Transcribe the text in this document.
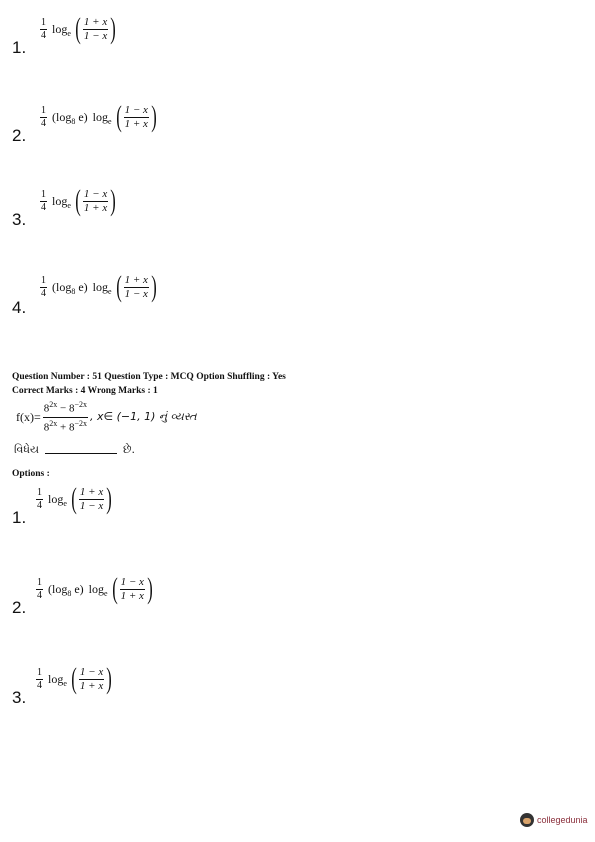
1.
$\frac{1}{4} \log_e$ ( $\frac{1 + x}{1 - x}$ )
2.
$\frac{1}{4} (\log_8$ e)
$\log_e$ ( $\frac{1 - x}{1 + x}$ )
3.
$\frac{1}{4} \log_e$ ( $\frac{1 - x}{1 + x}$ )
4.
$\frac{1}{4} (\log_8$ e)
$\log_e$ ( $\frac{1 + x}{1 - x}$ )
Question Number : 51 Question Type : MCQ Option Shuffling : Yes
Correct Marks : 4 Wrong Marks : 1
$f(x)= \frac{8^{2x} - 8^{-2x}}{8^{2x} + 8^{-2x}}$ , x∈ (−1, 1) નું વ્યસ્ત
વિધેય	છે.
Options :
1.
$\frac{1}{4} \log_e$ ( $\frac{1 + x}{1 - x}$ )
2.
$\frac{1}{4} (\log_8$ e)
$\log_e$ ( $\frac{1 - x}{1 + x}$ )
3.
$\frac{1}{4} \log_e$ ( $\frac{1 - x}{1 + x}$ )
collegedunia
